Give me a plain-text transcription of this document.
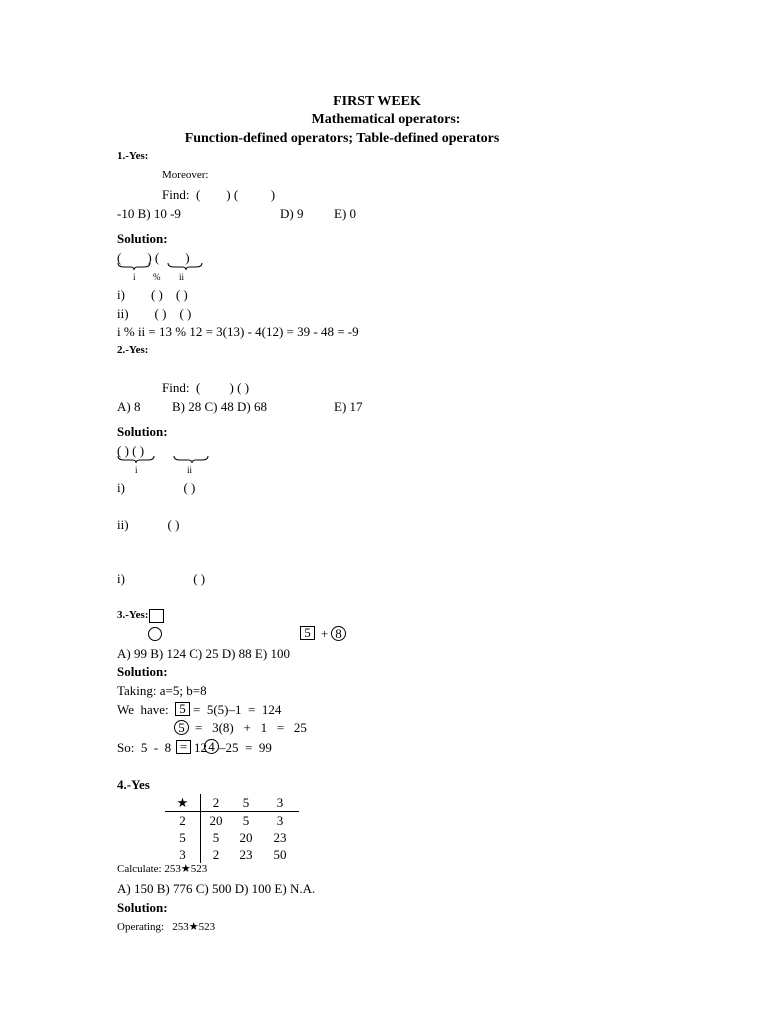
FIRST WEEK
Mathematical operators:
Function-defined operators; Table-defined operators
1.-Yes:
Moreover:
Find:  (        ) (          )
-10 B) 10 -9	D) 9 E) 0
Solution:
(        ) (        )
i % ii
i)        ( )    ( )
ii)        ( )    ( )
i % ii = 13 % 12 = 3(13) - 4(12) = 39 - 48 = -9
2.-Yes:
Find:  (         ) ( )
A) 8 B) 28 C) 48 D) 68	E) 17
Solution:
( ) ( )
i	ii
i)                  ( )
ii)            ( )
i)                     ( )
3.-Yes:
5 + 8
A) 99 B) 124 C) 25 D) 88 E) 100
Solution:
Taking: a=5; b=8
We  have: 5 =  5(5)–1  =  124
5 =   3(8)   +   1   =   25
So:  5  -  8 = 12 4 –25  =  99
4.-Yes
★	2	5	3
2	20	5	3
5	5	20	23
3	2	23	50
Calculate: 253★523
A) 150 B) 776 C) 500 D) 100 E) N.A.
Solution:
Operating:   253★523
